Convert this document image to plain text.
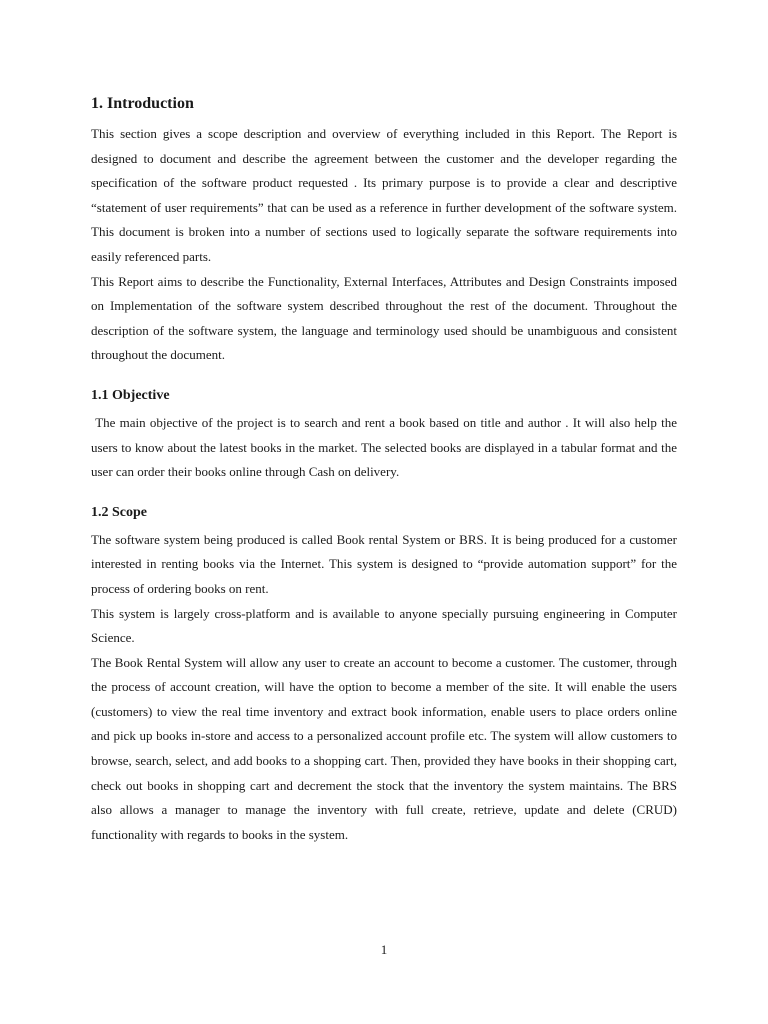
1. Introduction

This section gives a scope description and overview of everything included in this Report. The Report is designed to document and describe the agreement between the customer and the developer regarding the specification of the software product requested . Its primary purpose is to provide a clear and descriptive “statement of user requirements” that can be used as a reference in further development of the software system. This document is broken into a number of sections used to logically separate the software requirements into easily referenced parts.

This Report aims to describe the Functionality, External Interfaces, Attributes and Design Constraints imposed on Implementation of the software system described throughout the rest of the document. Throughout the description of the software system, the language and terminology used should be unambiguous and consistent throughout the document.

1.1 Objective

The main objective of the project is to search and rent a book based on title and author . It will also help the users to know about the latest books in the market. The selected books are displayed in a tabular format and the user can order their books online through Cash on delivery.

1.2 Scope

The software system being produced is called Book rental System or BRS. It is being produced for a customer interested in renting books via the Internet. This system is designed to “provide automation support” for the process of ordering books on rent.

This system is largely cross-platform and is available to anyone specially pursuing engineering in Computer Science.

The Book Rental System will allow any user to create an account to become a customer. The customer, through the process of account creation, will have the option to become a member of the site. It will enable the users (customers) to view the real time inventory and extract book information, enable users to place orders online and pick up books in-store and access to a personalized account profile etc. The system will allow customers to browse, search, select, and add books to a shopping cart. Then, provided they have books in their shopping cart, check out books in shopping cart and decrement the stock that the inventory the system maintains. The BRS also allows a manager to manage the inventory with full create, retrieve, update and delete (CRUD) functionality with regards to books in the system.

1
